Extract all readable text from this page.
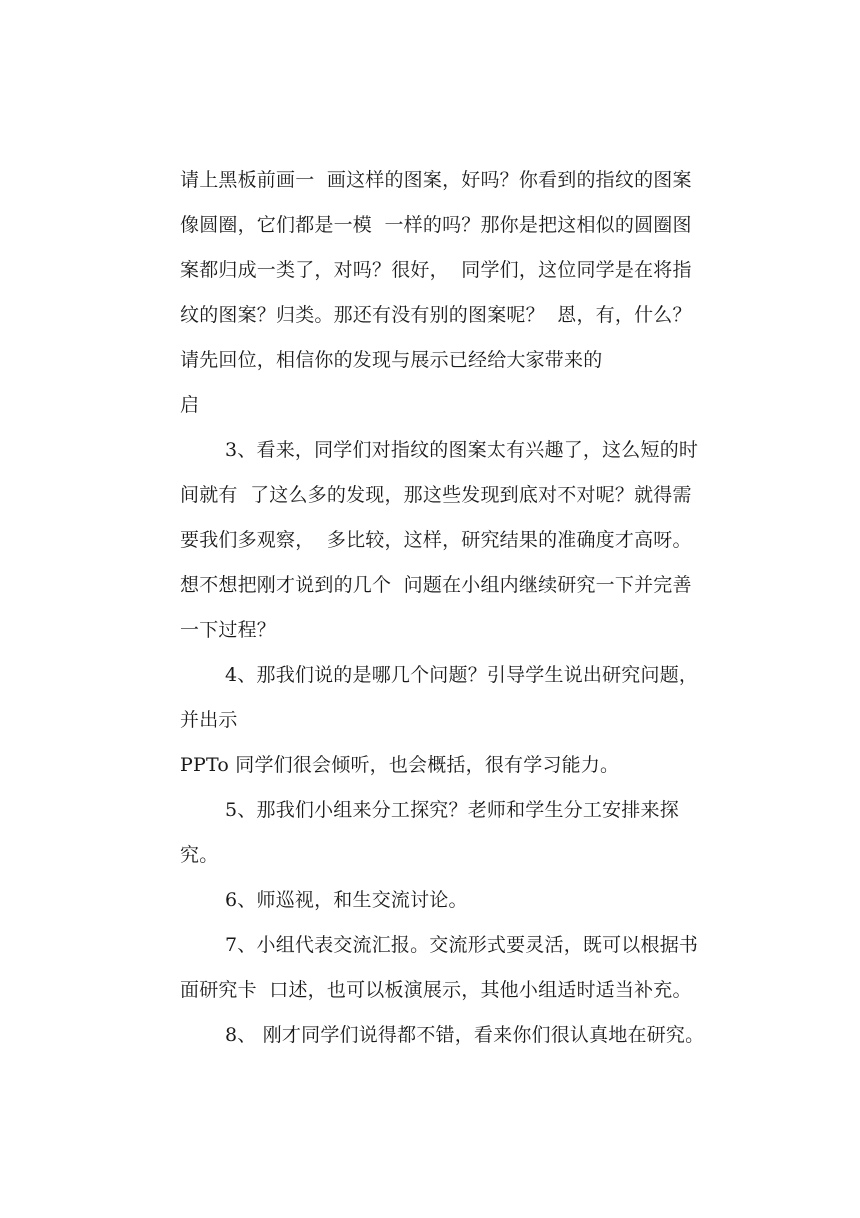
请上黑板前画一  画这样的图案，好吗？你看到的指纹的图案
像圆圈，它们都是一模  一样的吗？那你是把这相似的圆圈图
案都归成一类了，对吗？很好，  同学们，这位同学是在将指
纹的图案？归类。那还有没有别的图案呢？  恩，有，什么？
请先回位，相信你的发现与展示已经给大家带来的
启
3、看来，同学们对指纹的图案太有兴趣了，这么短的时
间就有  了这么多的发现，那这些发现到底对不对呢？就得需
要我们多观察，  多比较，这样，研究结果的准确度才高呀。
想不想把刚才说到的几个  问题在小组内继续研究一下并完善
一下过程？
4、那我们说的是哪几个问题？引导学生说出研究问题，
并出示
PPTo 同学们很会倾听，也会概括，很有学习能力。
5、那我们小组来分工探究？老师和学生分工安排来探
究。
6、师巡视，和生交流讨论。
7、小组代表交流汇报。交流形式要灵活，既可以根据书
面研究卡  口述，也可以板演展示，其他小组适时适当补充。
8、 刚才同学们说得都不错，看来你们很认真地在研究。
